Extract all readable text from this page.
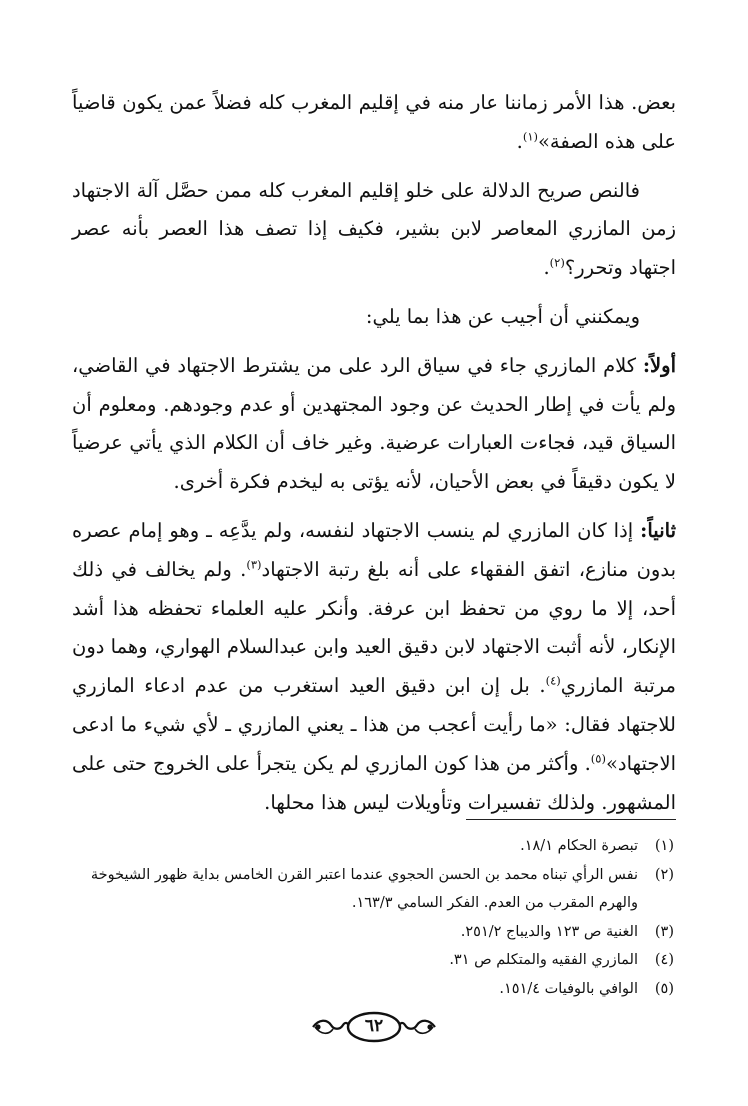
بعض. هذا الأمر زماننا عار منه في إقليم المغرب كله فضلاً عمن يكون قاضياً على هذه الصفة»$^{(١)}$.

فالنص صريح الدلالة على خلو إقليم المغرب كله ممن حصَّل آلة الاجتهاد زمن المازري المعاصر لابن بشير، فكيف إذا تصف هذا العصر بأنه عصر اجتهاد وتحرر؟$^{(٢)}$.

ويمكنني أن أجيب عن هذا بما يلي:

أولاً: كلام المازري جاء في سياق الرد على من يشترط الاجتهاد في القاضي، ولم يأت في إطار الحديث عن وجود المجتهدين أو عدم وجودهم. ومعلوم أن السياق قيد، فجاءت العبارات عرضية. وغير خاف أن الكلام الذي يأتي عرضياً لا يكون دقيقاً في بعض الأحيان، لأنه يؤتى به ليخدم فكرة أخرى.

ثانياً: إذا كان المازري لم ينسب الاجتهاد لنفسه، ولم يدَّعِه ـ وهو إمام عصره بدون منازع، اتفق الفقهاء على أنه بلغ رتبة الاجتهاد$^{(٣)}$. ولم يخالف في ذلك أحد، إلا ما روي من تحفظ ابن عرفة. وأنكر عليه العلماء تحفظه هذا أشد الإنكار، لأنه أثبت الاجتهاد لابن دقيق العيد وابن عبدالسلام الهواري، وهما دون مرتبة المازري$^{(٤)}$. بل إن ابن دقيق العيد استغرب من عدم ادعاء المازري للاجتهاد فقال: «ما رأيت أعجب من هذا ـ يعني المازري ـ لأي شيء ما ادعى الاجتهاد»$^{(٥)}$. وأكثر من هذا كون المازري لم يكن يتجرأ على الخروج حتى على المشهور. ولذلك تفسيرات وتأويلات ليس هذا محلها.

(١)
تبصرة الحكام ١٨/١.
(٢)
نفس الرأي تبناه محمد بن الحسن الحجوي عندما اعتبر القرن الخامس بداية ظهور الشيخوخة والهرم المقرب من العدم. الفكر السامي ١٦٣/٣.
(٣)
الغنية ص ١٢٣ والديباج ٢٥١/٢.
(٤)
المازري الفقيه والمتكلم ص ٣١.
(٥)
الوافي بالوفيات ١٥١/٤.
٦٢
